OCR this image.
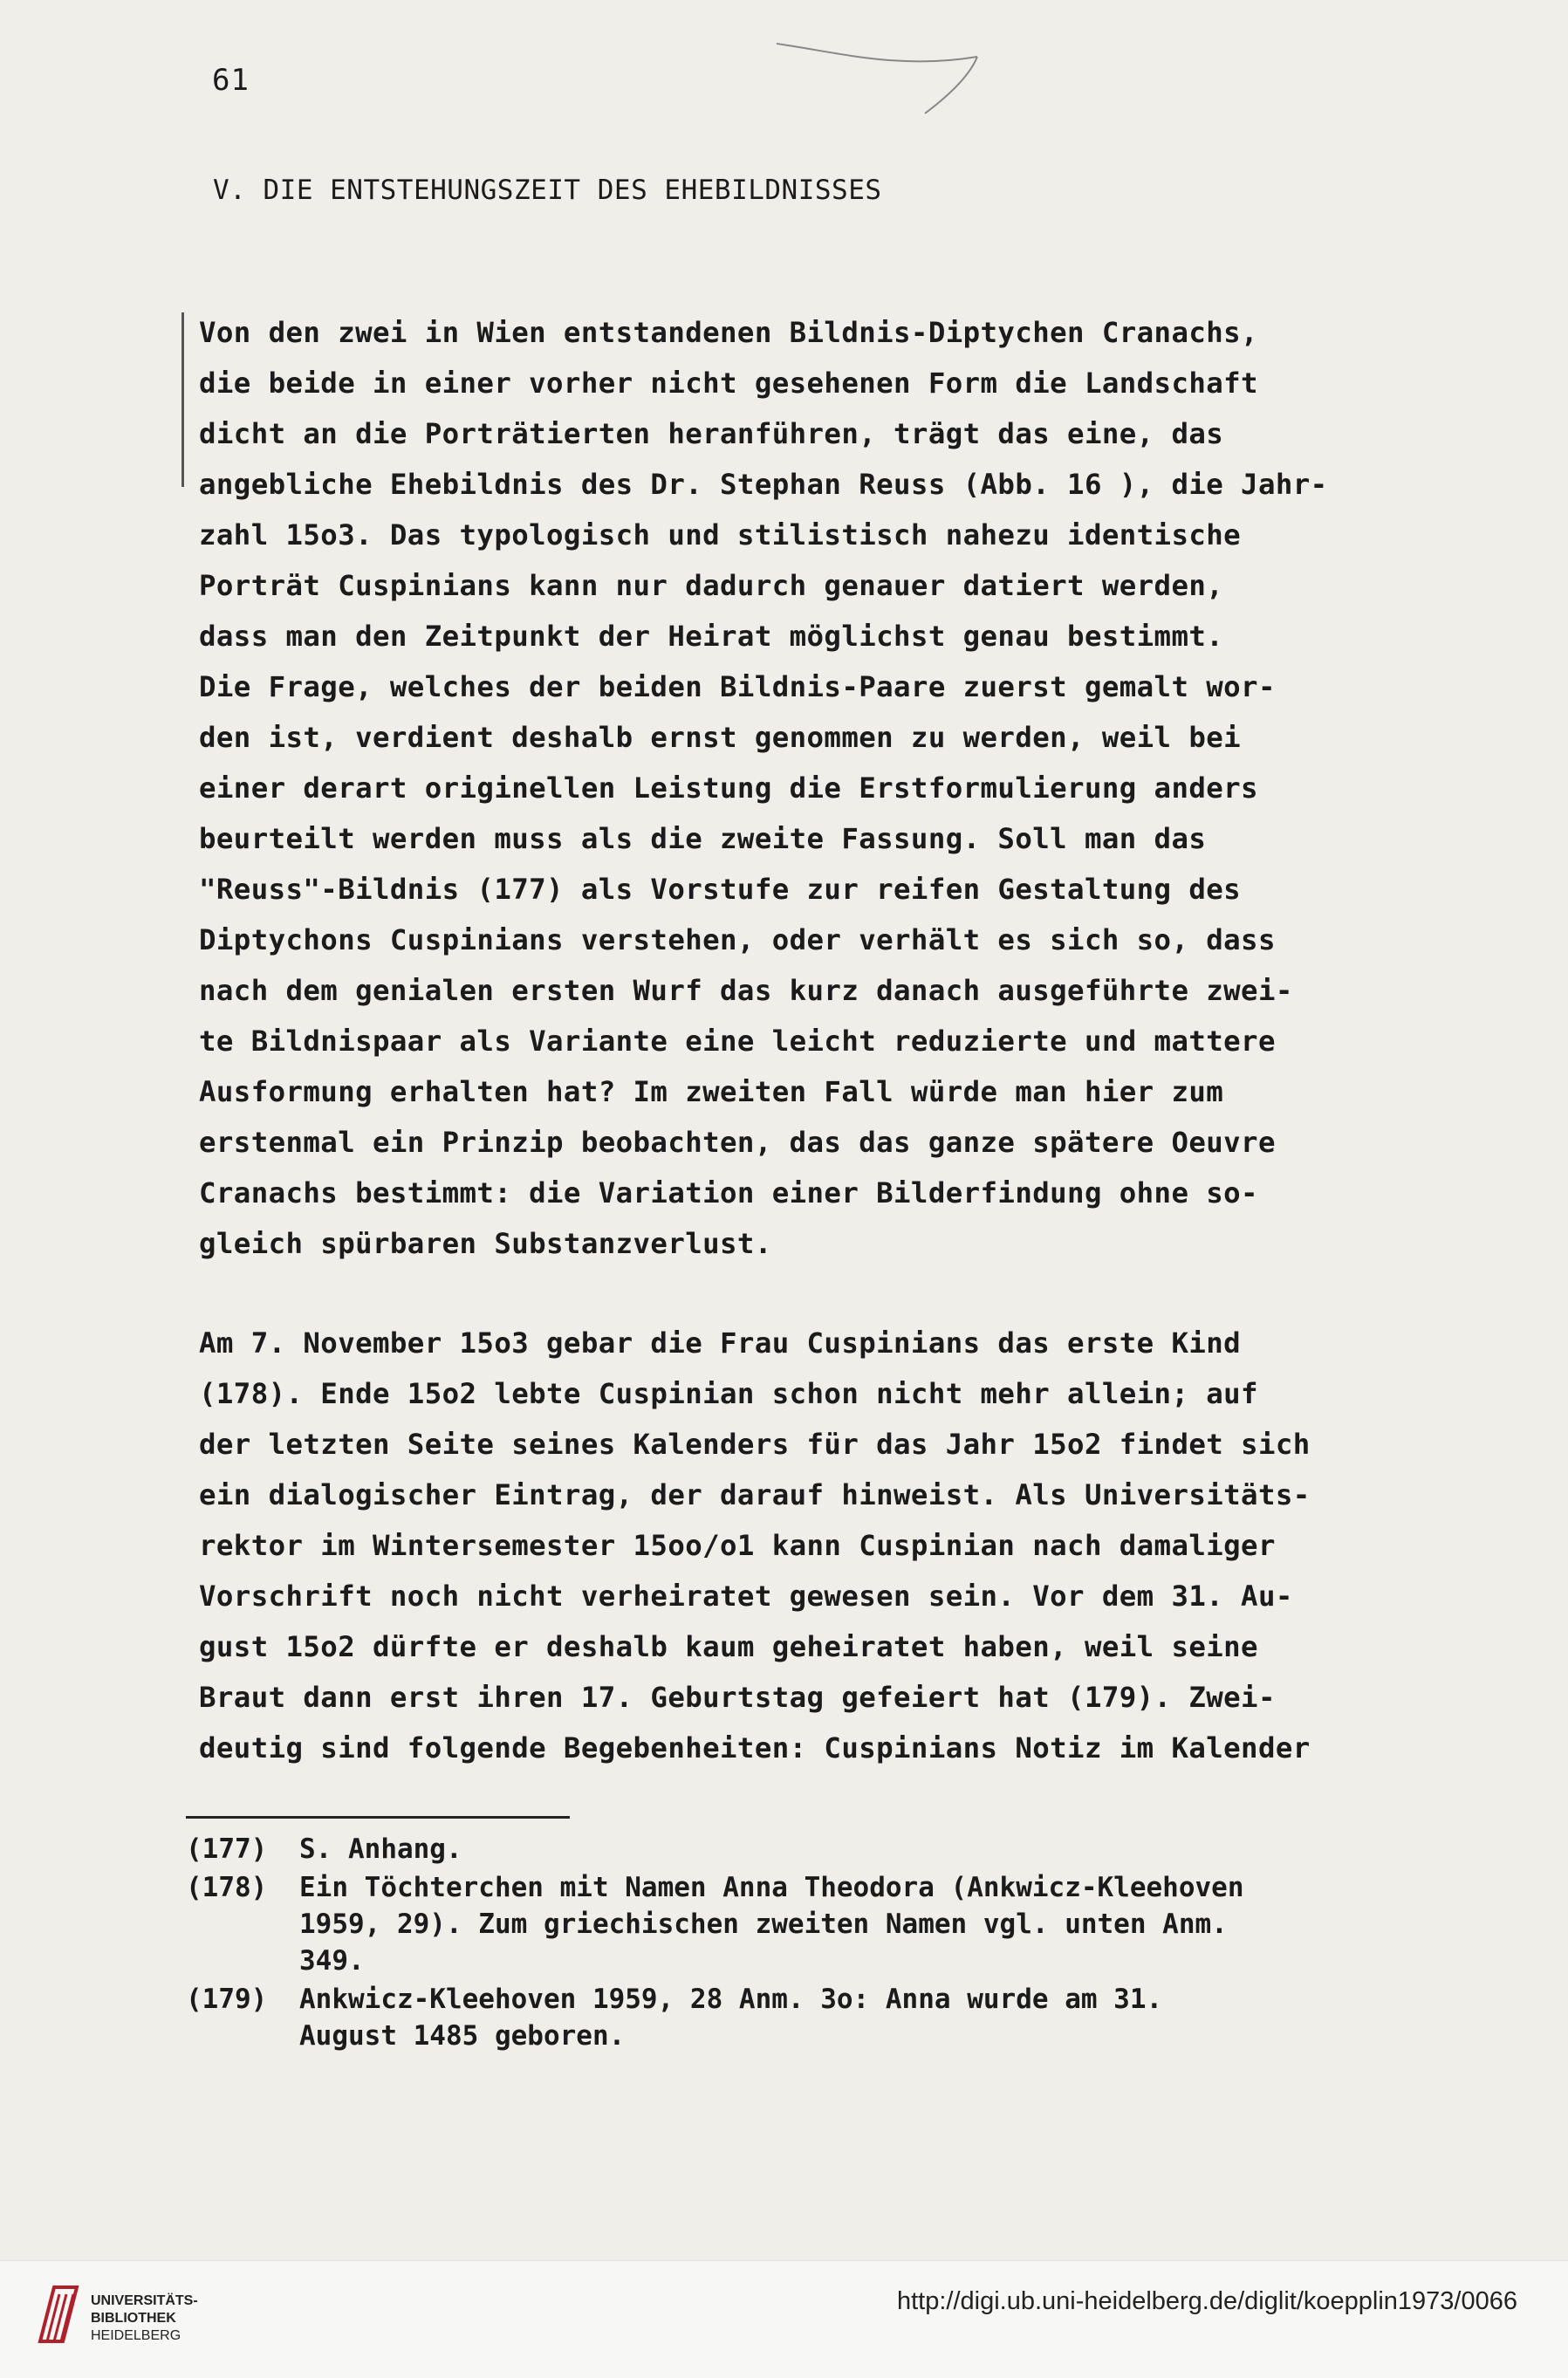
61
V. DIE ENTSTEHUNGSZEIT DES EHEBILDNISSES
Von den zwei in Wien entstandenen Bildnis-Diptychen Cranachs,
die beide in einer vorher nicht gesehenen Form die Landschaft
dicht an die Porträtierten heranführen, trägt das eine, das
angebliche Ehebildnis des Dr. Stephan Reuss (Abb. 16 ), die Jahr-
zahl 15o3. Das typologisch und stilistisch nahezu identische
Porträt Cuspinians kann nur dadurch genauer datiert werden,
dass man den Zeitpunkt der Heirat möglichst genau bestimmt.
Die Frage, welches der beiden Bildnis-Paare zuerst gemalt wor-
den ist, verdient deshalb ernst genommen zu werden, weil bei
einer derart originellen Leistung die Erstformulierung anders
beurteilt werden muss als die zweite Fassung. Soll man das
"Reuss"-Bildnis (177) als Vorstufe zur reifen Gestaltung des
Diptychons Cuspinians verstehen, oder verhält es sich so, dass
nach dem genialen ersten Wurf das kurz danach ausgeführte zwei-
te Bildnispaar als Variante eine leicht reduzierte und mattere
Ausformung erhalten hat? Im zweiten Fall würde man hier zum
erstenmal ein Prinzip beobachten, das das ganze spätere Oeuvre
Cranachs bestimmt: die Variation einer Bilderfindung ohne so-
gleich spürbaren Substanzverlust.
Am 7. November 15o3 gebar die Frau Cuspinians das erste Kind
(178). Ende 15o2 lebte Cuspinian schon nicht mehr allein; auf
der letzten Seite seines Kalenders für das Jahr 15o2 findet sich
ein dialogischer Eintrag, der darauf hinweist. Als Universitäts-
rektor im Wintersemester 15oo/o1 kann Cuspinian nach damaliger
Vorschrift noch nicht verheiratet gewesen sein. Vor dem 31. Au-
gust 15o2 dürfte er deshalb kaum geheiratet haben, weil seine
Braut dann erst ihren 17. Geburtstag gefeiert hat (179). Zwei-
deutig sind folgende Begebenheiten: Cuspinians Notiz im Kalender
(177)	S. Anhang.
(178)	Ein Töchterchen mit Namen Anna Theodora (Ankwicz-Kleehoven
1959, 29). Zum griechischen zweiten Namen vgl. unten Anm.
349.
(179)	Ankwicz-Kleehoven 1959, 28 Anm. 3o: Anna wurde am 31.
August 1485 geboren.
UNIVERSITÄTS-
BIBLIOTHEK
HEIDELBERG
http://digi.ub.uni-heidelberg.de/diglit/koepplin1973/0066
